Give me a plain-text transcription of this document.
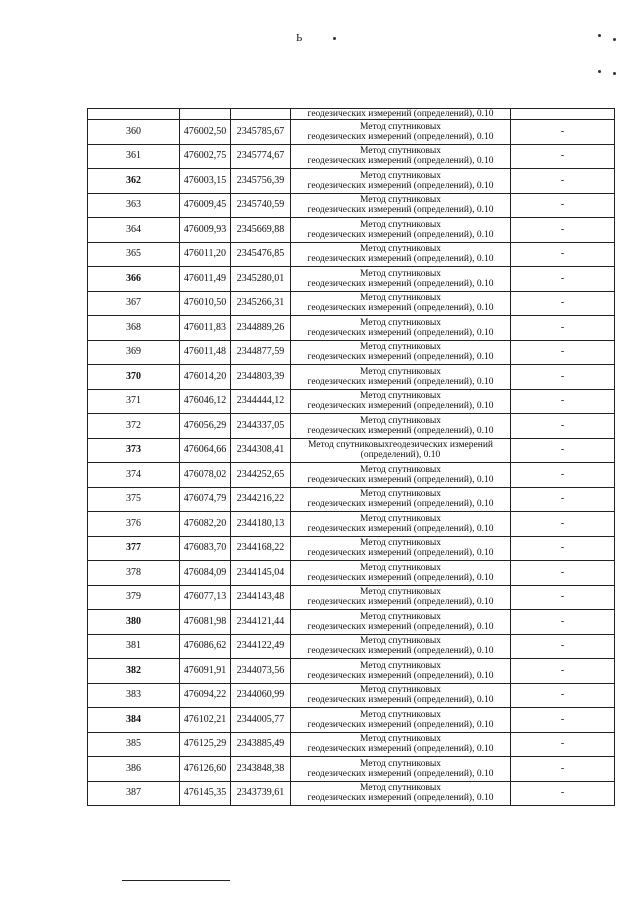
Ь
			геодезических измерений (определений), 0.10	
360	476002,50	2345785,67	Метод спутниковых
геодезических измерений (определений), 0.10	-
361	476002,75	2345774,67	Метод спутниковых
геодезических измерений (определений), 0.10	-
362	476003,15	2345756,39	Метод спутниковых
геодезических измерений (определений), 0.10	-
363	476009,45	2345740,59	Метод спутниковых
геодезических измерений (определений), 0.10	-
364	476009,93	2345669,88	Метод спутниковых
геодезических измерений (определений), 0.10	-
365	476011,20	2345476,85	Метод спутниковых
геодезических измерений (определений), 0.10	-
366	476011,49	2345280,01	Метод спутниковых
геодезических измерений (определений), 0.10	-
367	476010,50	2345266,31	Метод спутниковых
геодезических измерений (определений), 0.10	-
368	476011,83	2344889,26	Метод спутниковых
геодезических измерений (определений), 0.10	-
369	476011,48	2344877,59	Метод спутниковых
геодезических измерений (определений), 0.10	-
370	476014,20	2344803,39	Метод спутниковых
геодезических измерений (определений), 0.10	-
371	476046,12	2344444,12	Метод спутниковых
геодезических измерений (определений), 0.10	-
372	476056,29	2344337,05	Метод спутниковых
геодезических измерений (определений), 0.10	-
373	476064,66	2344308,41	Метод спутниковыхгеодезических измерений
(определений), 0.10	-
374	476078,02	2344252,65	Метод спутниковых
геодезических измерений (определений), 0.10	-
375	476074,79	2344216,22	Метод спутниковых
геодезических измерений (определений), 0.10	-
376	476082,20	2344180,13	Метод спутниковых
геодезических измерений (определений), 0.10	-
377	476083,70	2344168,22	Метод спутниковых
геодезических измерений (определений), 0.10	-
378	476084,09	2344145,04	Метод спутниковых
геодезических измерений (определений), 0.10	-
379	476077,13	2344143,48	Метод спутниковых
геодезических измерений (определений), 0.10	-
380	476081,98	2344121,44	Метод спутниковых
геодезических измерений (определений), 0.10	-
381	476086,62	2344122,49	Метод спутниковых
геодезических измерений (определений), 0.10	-
382	476091,91	2344073,56	Метод спутниковых
геодезических измерений (определений), 0.10	-
383	476094,22	2344060,99	Метод спутниковых
геодезических измерений (определений), 0.10	-
384	476102,21	2344005,77	Метод спутниковых
геодезических измерений (определений), 0.10	-
385	476125,29	2343885,49	Метод спутниковых
геодезических измерений (определений), 0.10	-
386	476126,60	2343848,38	Метод спутниковых
геодезических измерений (определений), 0.10	-
387	476145,35	2343739,61	Метод спутниковых
геодезических измерений (определений), 0.10	-
